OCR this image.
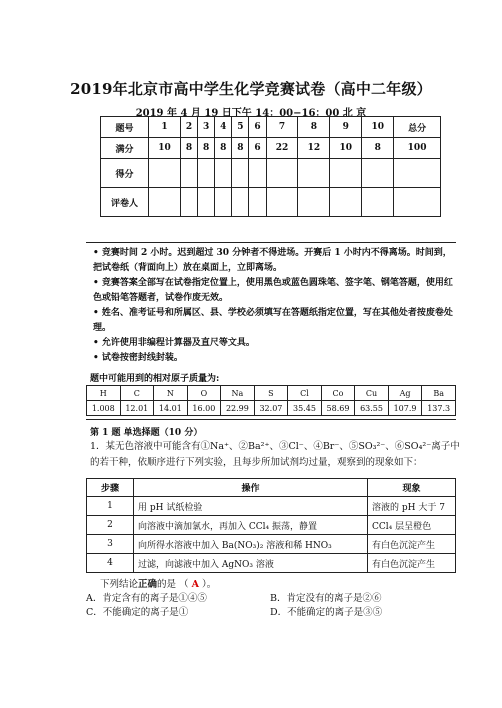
2019年北京市高中学生化学竞赛试卷（高中二年级）
2019 年 4 月 19 日下午 14：00−16：00 北 京
题号	1	2	3	4	5	6	7	8	9	10	总分
满分	10	8	8	8	8	6	22	12	10	8	100
得分											
评卷人											
• 竞赛时间 2 小时。迟到超过 30 分钟者不得进场。开赛后 1 小时内不得离场。时间到，把试卷纸（背面向上）放在桌面上，立即离场。
• 竞赛答案全部写在试卷指定位置上，使用黑色或蓝色圆珠笔、签字笔、钢笔答题，使用红色或铅笔答题者，试卷作废无效。
• 姓名、准考证号和所属区、县、学校必须填写在答题纸指定位置，写在其他处者按废卷处理。
• 允许使用非编程计算器及直尺等文具。
• 试卷按密封线封装。
题中可能用到的相对原子质量为:
H	C	N	O	Na	S	Cl	Co	Cu	Ag	Ba
1.008	12.01	14.01	16.00	22.99	32.07	35.45	58.69	63.55	107.9	137.3
第 1 题 单选择题（10 分）
1．某无色溶液中可能含有①Na⁺、②Ba²⁺、③Cl⁻、④Br⁻、⑤SO₃²⁻、⑥SO₄²⁻离子中的若干种，依顺序进行下列实验，且每步所加试剂均过量，观察到的现象如下：
步骤	操作	现象
1	用 pH 试纸检验	溶液的 pH 大于 7
2	向溶液中滴加氯水，再加入 CCl₄ 振荡，静置	CCl₄ 层呈橙色
3	向所得水溶液中加入 Ba(NO₃)₂ 溶液和稀 HNO₃	有白色沉淀产生
4	过滤，向滤液中加入 AgNO₃ 溶液	有白色沉淀产生
下列结论正确的是 （ A ）。
A．肯定含有的离子是①④⑤	B．肯定没有的离子是②⑥
C．不能确定的离子是①	D．不能确定的离子是③⑤
